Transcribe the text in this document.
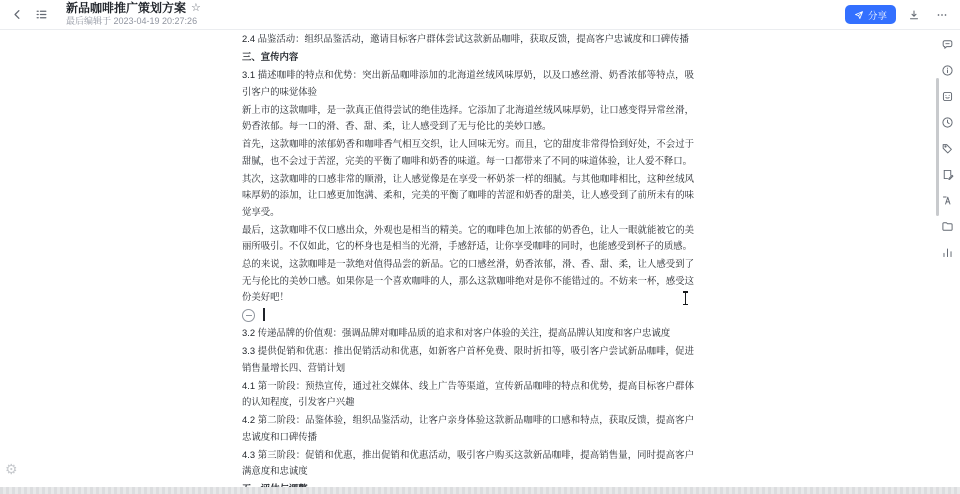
新品咖啡推广策划方案 ☆
最后编辑于 2023-04-19 20:27:26	分享

2.4 品鉴活动：组织品鉴活动，邀请目标客户群体尝试这款新品咖啡，获取反馈，提高客户忠诚度和口碑传播

三、宣传内容

3.1 描述咖啡的特点和优势：突出新品咖啡添加的北海道丝绒风味厚奶，以及口感丝滑、奶香浓郁等特点，吸引客户的味觉体验

新上市的这款咖啡，是一款真正值得尝试的绝佳选择。它添加了北海道丝绒风味厚奶，让口感变得异常丝滑，奶香浓郁。每一口的滑、香、甜、柔，让人感受到了无与伦比的美妙口感。

首先，这款咖啡的浓郁奶香和咖啡香气相互交织，让人回味无穷。而且，它的甜度非常得恰到好处，不会过于甜腻，也不会过于苦涩，完美的平衡了咖啡和奶香的味道。每一口都带来了不同的味道体验，让人爱不释口。

其次，这款咖啡的口感非常的顺滑，让人感觉像是在享受一杯奶茶一样的细腻。与其他咖啡相比，这种丝绒风味厚奶的添加，让口感更加饱满、柔和，完美的平衡了咖啡的苦涩和奶香的甜美，让人感受到了前所未有的味觉享受。

最后，这款咖啡不仅口感出众，外观也是相当的精美。它的咖啡色加上浓郁的奶香色，让人一眼就能被它的美丽所吸引。不仅如此，它的杯身也是相当的光滑，手感舒适，让你享受咖啡的同时，也能感受到杯子的质感。

总的来说，这款咖啡是一款绝对值得品尝的新品。它的口感丝滑，奶香浓郁，滑、香、甜、柔，让人感受到了无与伦比的美妙口感。如果你是一个喜欢咖啡的人，那么这款咖啡绝对是你不能错过的。不妨来一杯，感受这份美好吧！

3.2 传递品牌的价值观：强调品牌对咖啡品质的追求和对客户体验的关注，提高品牌认知度和客户忠诚度

3.3 提供促销和优惠：推出促销活动和优惠，如新客户首杯免费、限时折扣等，吸引客户尝试新品咖啡，促进销售量增长四、营销计划

4.1 第一阶段：预热宣传，通过社交媒体、线上广告等渠道，宣传新品咖啡的特点和优势，提高目标客户群体的认知程度，引发客户兴趣

4.2 第二阶段：品鉴体验，组织品鉴活动，让客户亲身体验这款新品咖啡的口感和特点，获取反馈，提高客户忠诚度和口碑传播

4.3 第三阶段：促销和优惠，推出促销和优惠活动，吸引客户购买这款新品咖啡，提高销售量，同时提高客户满意度和忠诚度

⚙
